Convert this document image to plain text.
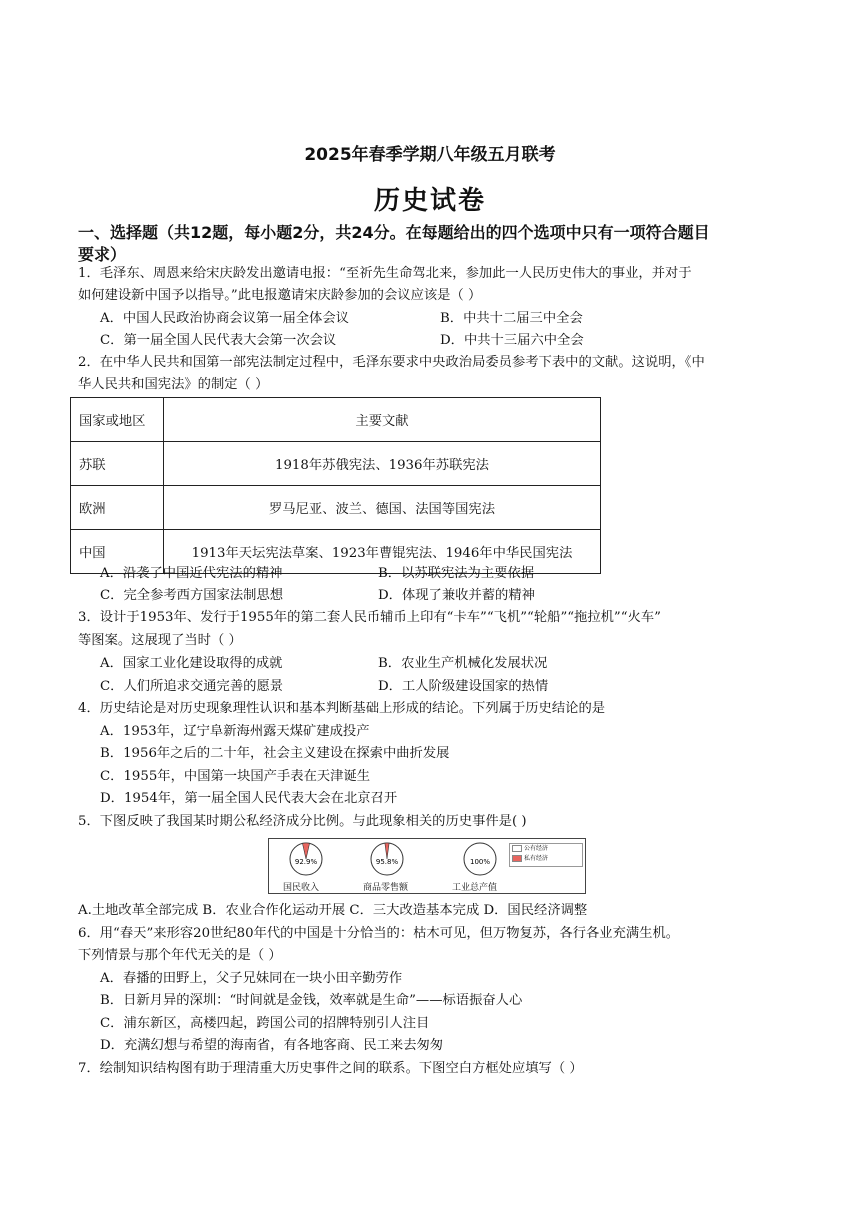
2025年春季学期八年级五月联考
历史试卷
一、选择题（共12题，每小题2分，共24分。在每题给出的四个选项中只有一项符合题目
要求）
1．毛泽东、周恩来给宋庆龄发出邀请电报：“至祈先生命驾北来，参加此一人民历史伟大的事业，并对于
如何建设新中国予以指导。”此电报邀请宋庆龄参加的会议应该是（ ）
A．中国人民政治协商会议第一届全体会议	B．中共十二届三中全会
C．第一届全国人民代表大会第一次会议	D．中共十三届六中全会
2．在中华人民共和国第一部宪法制定过程中，毛泽东要求中央政治局委员参考下表中的文献。这说明，《中
华人民共和国宪法》的制定（ ）
国家或地区	主要文献
苏联	1918年苏俄宪法、1936年苏联宪法
欧洲	罗马尼亚、波兰、德国、法国等国宪法
中国	1913年天坛宪法草案、1923年曹锟宪法、1946年中华民国宪法
A．沿袭了中国近代宪法的精神	B．以苏联宪法为主要依据
C．完全参考西方国家法制思想	D．体现了兼收并蓄的精神
3．设计于1953年、发行于1955年的第二套人民币辅币上印有“卡车”“飞机”“轮船”“拖拉机”“火车”
等图案。这展现了当时（ ）
A．国家工业化建设取得的成就	B．农业生产机械化发展状况
C．人们所追求交通完善的愿景	D．工人阶级建设国家的热情
4．历史结论是对历史现象理性认识和基本判断基础上形成的结论。下列属于历史结论的是
A．1953年，辽宁阜新海州露天煤矿建成投产
B．1956年之后的二十年，社会主义建设在探索中曲折发展
C．1955年，中国第一块国产手表在天津诞生
D．1954年，第一届全国人民代表大会在北京召开
5．下图反映了我国某时期公私经济成分比例。与此现象相关的历史事件是( )
92.9%	95.8%	100%
国民收入	商品零售额	工业总产值
公有经济
私有经济
A.土地改革全部完成 B．农业合作化运动开展 C．三大改造基本完成 D．国民经济调整
6．用“春天”来形容20世纪80年代的中国是十分恰当的：枯木可见，但万物复苏，各行各业充满生机。
下列情景与那个年代无关的是（ ）
A．春播的田野上，父子兄妹同在一块小田辛勤劳作
B．日新月异的深圳：“时间就是金钱，效率就是生命”——标语振奋人心
C．浦东新区，高楼四起，跨国公司的招牌特别引人注目
D．充满幻想与希望的海南省，有各地客商、民工来去匆匆
7．绘制知识结构图有助于理清重大历史事件之间的联系。下图空白方框处应填写（ ）
